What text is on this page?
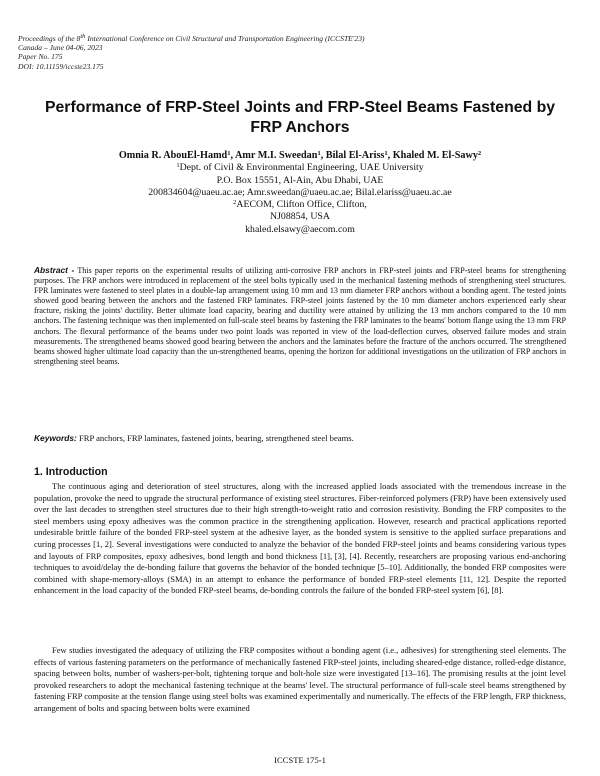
Proceedings of the 8th International Conference on Civil Structural and Transportation Engineering (ICCSTE'23)
Canada – June 04-06, 2023
Paper No. 175
DOI: 10.11159/iccste23.175
Performance of FRP-Steel Joints and FRP-Steel Beams Fastened by FRP Anchors
Omnia R. AbouEl-Hamd$^1$, Amr M.I. Sweedan$^1$, Bilal El-Ariss$^1$, Khaled M. El-Sawy$^2$
$^1$Dept. of Civil & Environmental Engineering, UAE University
P.O. Box 15551, Al-Ain, Abu Dhabi, UAE
200834604@uaeu.ac.ae; Amr.sweedan@uaeu.ac.ae; Bilal.elariss@uaeu.ac.ae
$^2$AECOM, Clifton Office, Clifton,
NJ08854, USA
khaled.elsawy@aecom.com
Abstract - This paper reports on the experimental results of utilizing anti-corrosive FRP anchors in FRP-steel joints and FRP-steel beams for strengthening purposes. The FRP anchors were introduced in replacement of the steel bolts typically used in the mechanical fastening methods of strengthening steel structures. FPR laminates were fastened to steel plates in a double-lap arrangement using 10 mm and 13 mm diameter FRP anchors without a bonding agent. The tested joints showed good bearing between the anchors and the fastened FRP laminates. FRP-steel joints fastened by the 10 mm diameter anchors experienced early shear fracture, risking the joints' ductility. Better ultimate load capacity, bearing and ductility were attained by utilizing the 13 mm anchors compared to the 10 mm anchors. The fastening technique was then implemented on full-scale steel beams by fastening the FRP laminates to the beams' bottom flange using the 13 mm FRP anchors. The flexural performance of the beams under two point loads was reported in view of the load-deflection curves, observed failure modes and strain measurements. The strengthened beams showed good bearing between the anchors and the laminates before the fracture of the anchors occurred. The strengthened beams showed higher ultimate load capacity than the un-strengthened beams, opening the horizon for additional investigations on the utilization of FRP anchors in strengthening steel beams.
Keywords: FRP anchors, FRP laminates, fastened joints, bearing, strengthened steel beams.
1. Introduction
The continuous aging and deterioration of steel structures, along with the increased applied loads associated with the tremendous increase in the population, provoke the need to upgrade the structural performance of existing steel structures. Fiber-reinforced polymers (FRP) have been extensively used over the last decades to strengthen steel structures due to their high strength-to-weight ratio and corrosion resistivity. Bonding the FRP composites to the steel members using epoxy adhesives was the common practice in the strengthening application. However, research and practical applications reported undesirable brittle failure of the bonded FRP-steel system at the adhesive layer, as the bonded system is sensitive to the applied surface preparations and curing processes [1, 2]. Several investigations were conducted to analyze the behavior of the bonded FRP-steel joints and beams considering various types and layouts of FRP composites, epoxy adhesives, bond length and bond thickness [1], [3], [4]. Recently, researchers are proposing various end-anchoring techniques to avoid/delay the de-bonding failure that governs the behavior of the bonded technique [5–10]. Additionally, the bonded FRP composites were combined with shape-memory-alloys (SMA) in an attempt to enhance the performance of bonded FRP-steel elements [11, 12]. Despite the reported enhancement in the load capacity of the bonded FRP-steel beams, de-bonding controls the failure of the bonded FRP-steel system [6], [8].
Few studies investigated the adequacy of utilizing the FRP composites without a bonding agent (i.e., adhesives) for strengthening steel elements. The effects of various fastening parameters on the performance of mechanically fastened FRP-steel joints, including sheared-edge distance, rolled-edge distance, spacing between bolts, number of washers-per-bolt, tightening torque and bolt-hole size were investigated [13–16]. The promising results at the joint level provoked researchers to adopt the mechanical fastening technique at the beams' level. The structural performance of full-scale steel beams strengthened by fastening FRP composite at the tension flange using steel bolts was examined experimentally and numerically. The effects of the FRP length, FRP thickness, arrangement of bolts and spacing between bolts were examined
ICCSTE 175-1
